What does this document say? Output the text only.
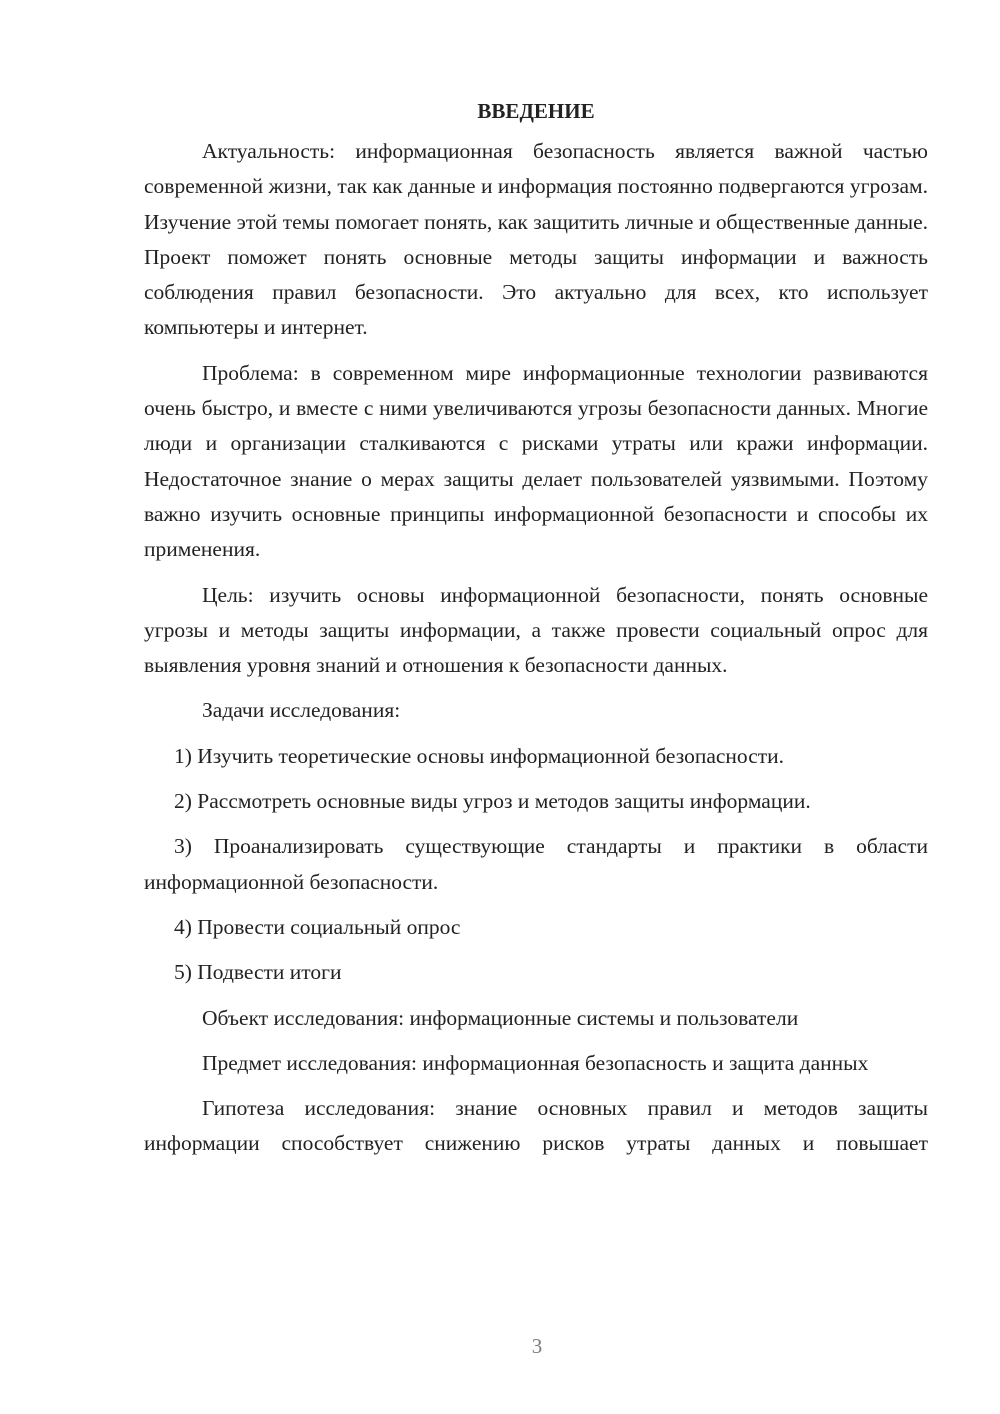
ВВЕДЕНИЕ

Актуальность: информационная безопасность является важной частью современной жизни, так как данные и информация постоянно подвергаются угрозам. Изучение этой темы помогает понять, как защитить личные и общественные данные. Проект поможет понять основные методы защиты информации и важность соблюдения правил безопасности. Это актуально для всех, кто использует компьютеры и интернет.

Проблема: в современном мире информационные технологии развиваются очень быстро, и вместе с ними увеличиваются угрозы безопасности данных. Многие люди и организации сталкиваются с рисками утраты или кражи информации. Недостаточное знание о мерах защиты делает пользователей уязвимыми. Поэтому важно изучить основные принципы информационной безопасности и способы их применения.

Цель: изучить основы информационной безопасности, понять основные угрозы и методы защиты информации, а также провести социальный опрос для выявления уровня знаний и отношения к безопасности данных.

Задачи исследования:

1) Изучить теоретические основы информационной безопасности.

2) Рассмотреть основные виды угроз и методов защиты информации.

3) Проанализировать существующие стандарты и практики в области информационной безопасности.

4) Провести социальный опрос

5) Подвести итоги

Объект исследования: информационные системы и пользователи

Предмет исследования: информационная безопасность и защита данных

Гипотеза исследования: знание основных правил и методов защиты информации способствует снижению рисков утраты данных и повышает

3
